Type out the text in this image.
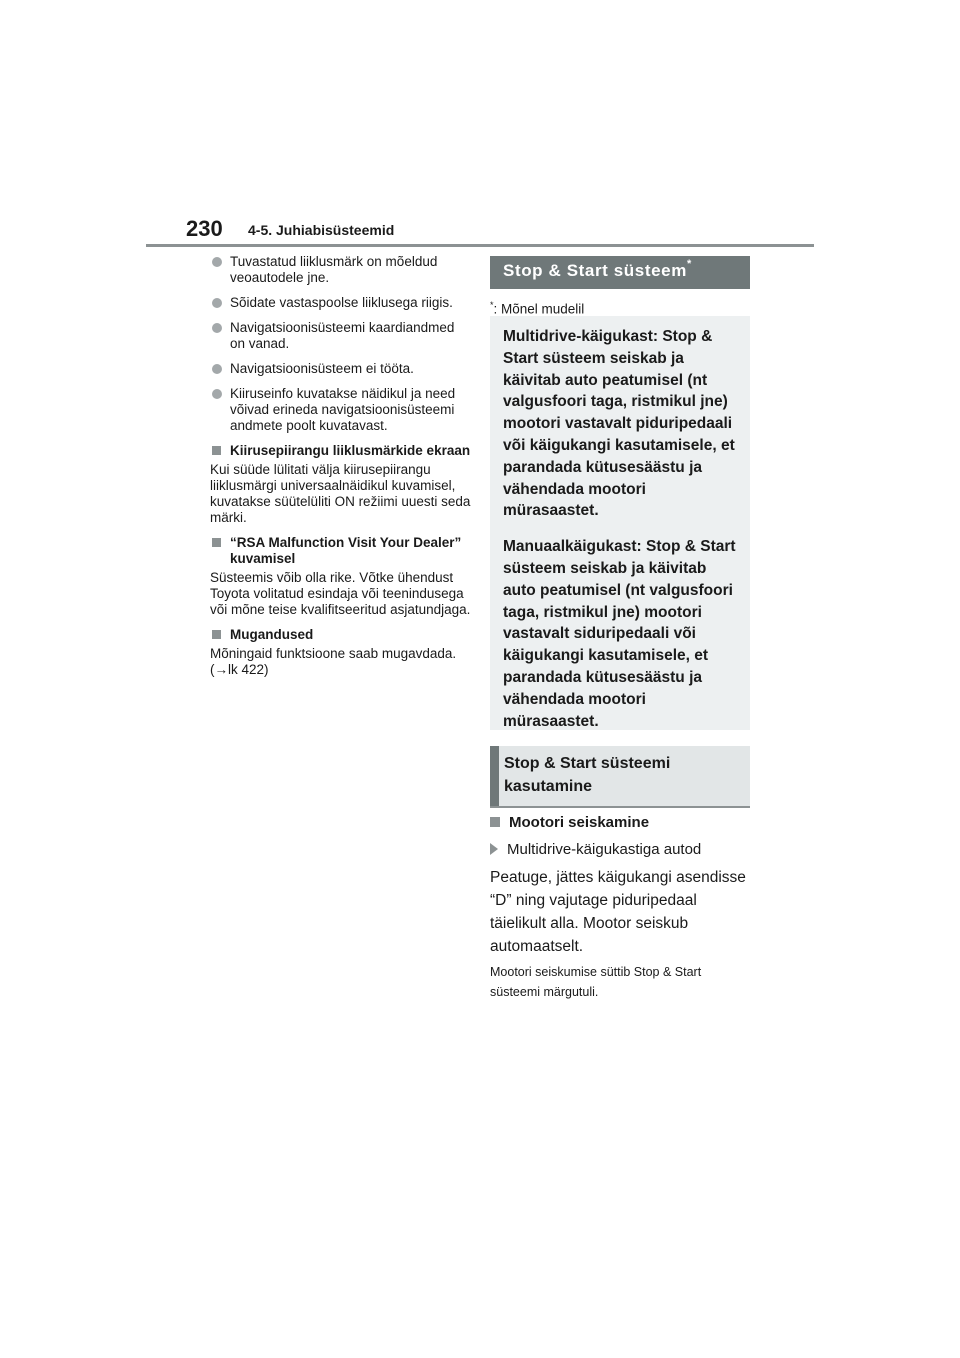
230 4-5. Juhiabisüsteemid
Tuvastatud liiklusmärk on mõeldud veoautodele jne.
Sõidate vastaspoolse liiklusega riigis.
Navigatsioonisüsteemi kaardiandmed on vanad.
Navigatsioonisüsteem ei tööta.
Kiiruseinfo kuvatakse näidikul ja need võivad erineda navigatsioonisüsteemi andmete poolt kuvatavast.
Kiirusepiirangu liiklusmärkide ekraan
Kui süüde lülitati välja kiirusepiirangu liiklusmärgi universaalnäidikul kuvamisel, kuvatakse süütelüliti ON režiimi uuesti seda märki.
“RSA Malfunction Visit Your Dealer” kuvamisel
Süsteemis võib olla rike. Võtke ühendust Toyota volitatud esindaja või teenindusega või mõne teise kvalifitseeritud asjatundjaga.
Mugandused
Mõningaid funktsioone saab mugavdada. (→lk 422)
Stop & Start süsteem*
*: Mõnel mudelil

Multidrive-käigukast: Stop & Start süsteem seiskab ja käivitab auto peatumisel (nt valgusfoori taga, ristmikul jne) mootori vastavalt piduripedaali või käigukangi kasutamisele, et parandada kütusesäästu ja vähendada mootori mürasaastet.

Manuaalkäigukast: Stop & Start süsteem seiskab ja käivitab auto peatumisel (nt valgusfoori taga, ristmikul jne) mootori vastavalt siduripedaali või käigukangi kasutamisele, et parandada kütusesäästu ja vähendada mootori mürasaastet.

Stop & Start süsteemi kasutamine
Mootori seiskamine
Multidrive-käigukastiga autod
Peatuge, jättes käigukangi asendisse “D” ning vajutage piduripedaal täielikult alla. Mootor seiskub automaatselt.
Mootori seiskumise süttib Stop & Start süsteemi märgutuli.
